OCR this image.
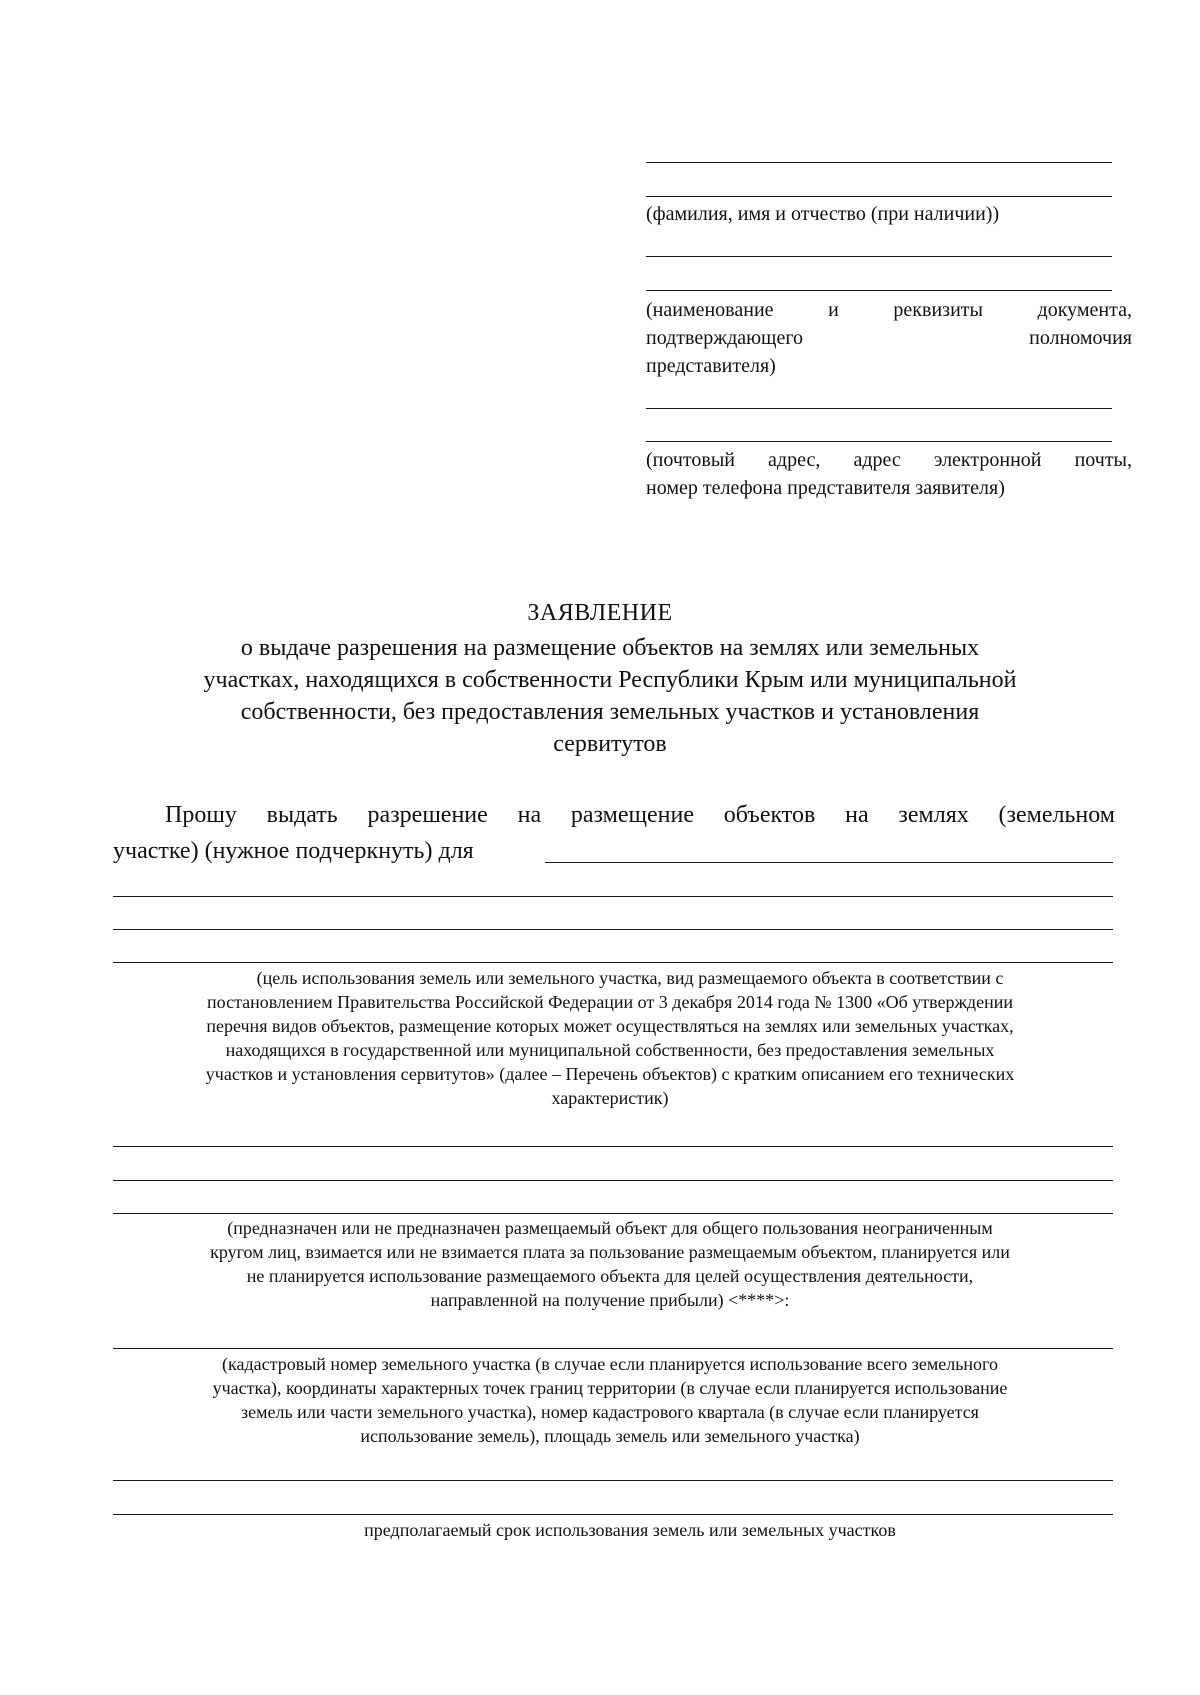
(фамилия, имя и отчество (при наличии))
(наименование и реквизиты документа,
подтверждающего полномочия
представителя)
(почтовый адрес, адрес электронной почты,
номер телефона представителя заявителя)
ЗАЯВЛЕНИЕ
о выдаче разрешения на размещение объектов на землях или земельных
участках, находящихся в собственности Республики Крым или муниципальной
собственности, без предоставления земельных участков и установления
сервитутов
Прошу выдать разрешение на размещение объектов на землях (земельном
участке) (нужное подчеркнуть) для
(цель использования земель или земельного участка, вид размещаемого объекта в соответствии с
постановлением Правительства Российской Федерации от 3 декабря 2014 года № 1300 «Об утверждении
перечня видов объектов, размещение которых может осуществляться на землях или земельных участках,
находящихся в государственной или муниципальной собственности, без предоставления земельных
участков и установления сервитутов» (далее – Перечень объектов) с кратким описанием его технических
характеристик)
(предназначен или не предназначен размещаемый объект для общего пользования неограниченным
кругом лиц, взимается или не взимается плата за пользование размещаемым объектом, планируется или
не планируется использование размещаемого объекта для целей осуществления деятельности,
направленной на получение прибыли) <****>:
(кадастровый номер земельного участка (в случае если планируется использование всего земельного
участка), координаты характерных точек границ территории (в случае если планируется использование
земель или части земельного участка), номер кадастрового квартала (в случае если планируется
использование земель), площадь земель или земельного участка)
предполагаемый срок использования земель или земельных участков
